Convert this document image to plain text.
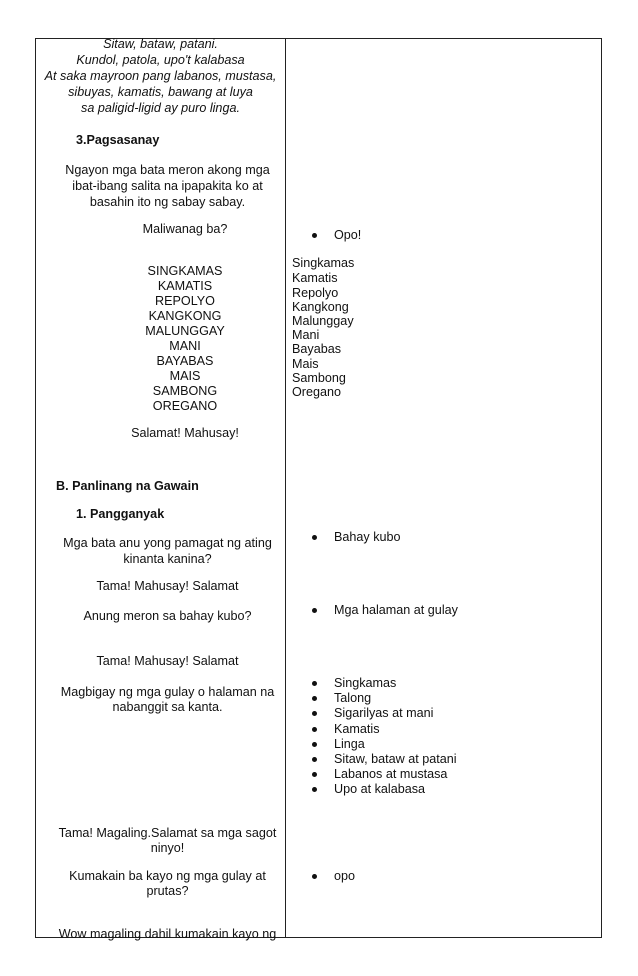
Sitaw, bataw, patani.
Kundol, patola, upo't kalabasa
At saka mayroon pang labanos, mustasa,
sibuyas, kamatis, bawang at luya
sa paligid-ligid ay puro linga.
3.Pagsasanay
Ngayon mga bata meron akong mga
ibat-ibang salita na ipapakita ko at
basahin ito ng sabay sabay.
Maliwanag ba?
SINGKAMAS
KAMATIS
REPOLYO
KANGKONG
MALUNGGAY
MANI
BAYABAS
MAIS
SAMBONG
OREGANO
Salamat! Mahusay!
Opo!
Singkamas
Kamatis
Repolyo
Kangkong
Malunggay
Mani
Bayabas
Mais
Sambong
Oregano
B. Panlinang na Gawain
1. Pangganyak
Mga bata anu yong pamagat ng ating
kinanta kanina?
Tama! Mahusay! Salamat
Anung meron sa bahay kubo?
Tama! Mahusay! Salamat
Magbigay ng mga gulay o halaman na
nabanggit sa kanta.
Tama! Magaling.Salamat sa mga sagot
ninyo!
Kumakain ba kayo ng mga gulay at
prutas?
Wow magaling dahil kumakain kayo ng
Bahay kubo
Mga halaman at gulay
Singkamas
Talong
Sigarilyas at mani
Kamatis
Linga
Sitaw, bataw at patani
Labanos at mustasa
Upo at kalabasa
opo
